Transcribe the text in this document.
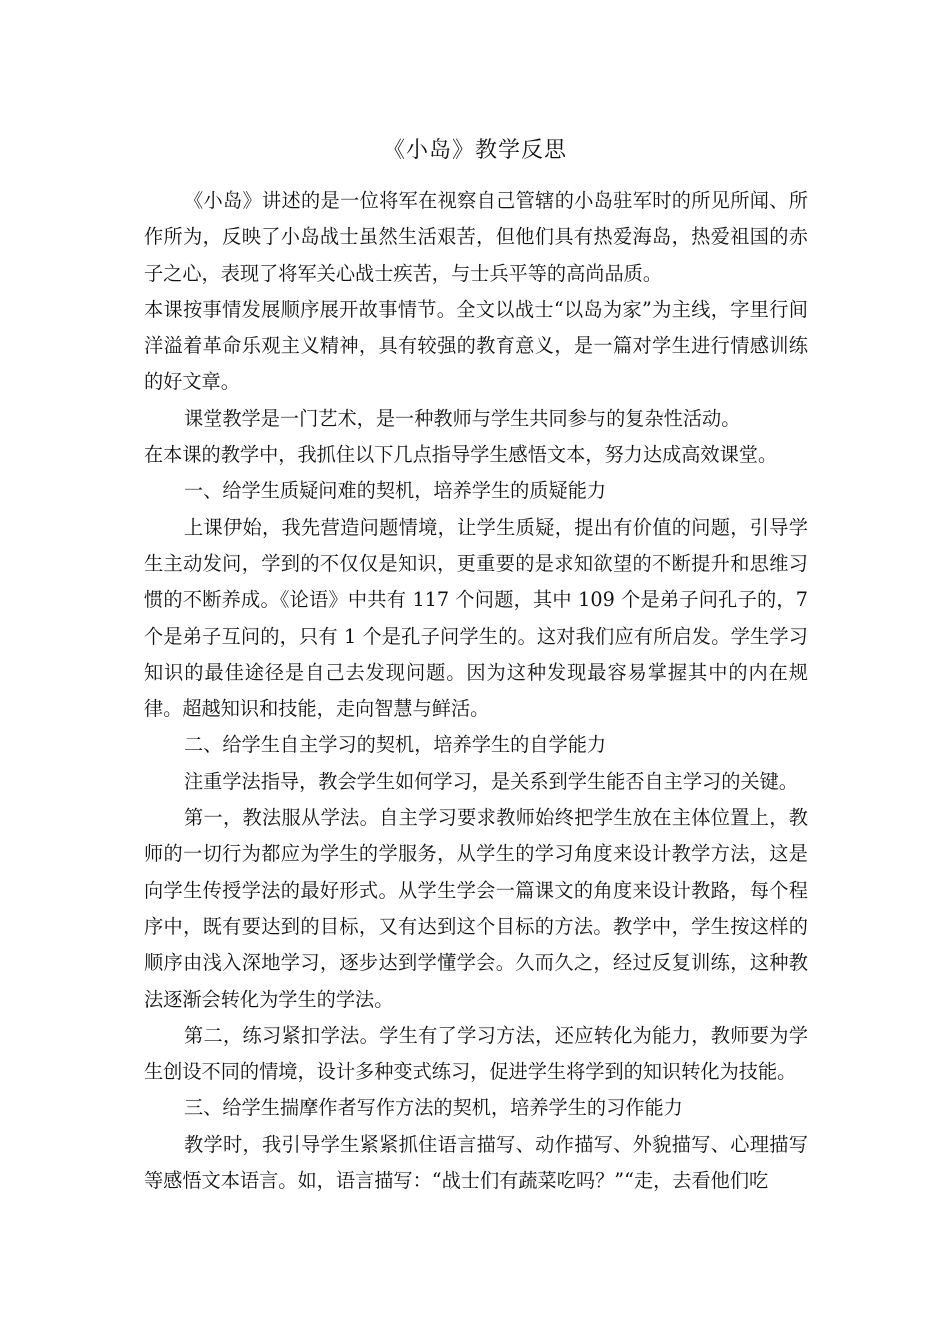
《小岛》教学反思

《小岛》讲述的是一位将军在视察自己管辖的小岛驻军时的所见所闻、所作所为，反映了小岛战士虽然生活艰苦，但他们具有热爱海岛，热爱祖国的赤子之心，表现了将军关心战士疾苦，与士兵平等的高尚品质。

本课按事情发展顺序展开故事情节。全文以战士“以岛为家”为主线，字里行间洋溢着革命乐观主义精神，具有较强的教育意义，是一篇对学生进行情感训练的好文章。

课堂教学是一门艺术，是一种教师与学生共同参与的复杂性活动。

在本课的教学中，我抓住以下几点指导学生感悟文本，努力达成高效课堂。

一、给学生质疑问难的契机，培养学生的质疑能力

上课伊始，我先营造问题情境，让学生质疑，提出有价值的问题，引导学生主动发问，学到的不仅仅是知识，更重要的是求知欲望的不断提升和思维习惯的不断养成。《论语》中共有 117 个问题，其中 109 个是弟子问孔子的，7 个是弟子互问的，只有 1 个是孔子问学生的。这对我们应有所启发。学生学习知识的最佳途径是自己去发现问题。因为这种发现最容易掌握其中的内在规律。超越知识和技能，走向智慧与鲜活。

二、给学生自主学习的契机，培养学生的自学能力

注重学法指导，教会学生如何学习，是关系到学生能否自主学习的关键。

第一，教法服从学法。自主学习要求教师始终把学生放在主体位置上，教师的一切行为都应为学生的学服务，从学生的学习角度来设计教学方法，这是向学生传授学法的最好形式。从学生学会一篇课文的角度来设计教路，每个程序中，既有要达到的目标，又有达到这个目标的方法。教学中，学生按这样的顺序由浅入深地学习，逐步达到学懂学会。久而久之，经过反复训练，这种教法逐渐会转化为学生的学法。

第二，练习紧扣学法。学生有了学习方法，还应转化为能力，教师要为学生创设不同的情境，设计多种变式练习，促进学生将学到的知识转化为技能。

三、给学生揣摩作者写作方法的契机，培养学生的习作能力

教学时，我引导学生紧紧抓住语言描写、动作描写、外貌描写、心理描写等感悟文本语言。如，语言描写：“战士们有蔬菜吃吗？”“走，去看他们吃
